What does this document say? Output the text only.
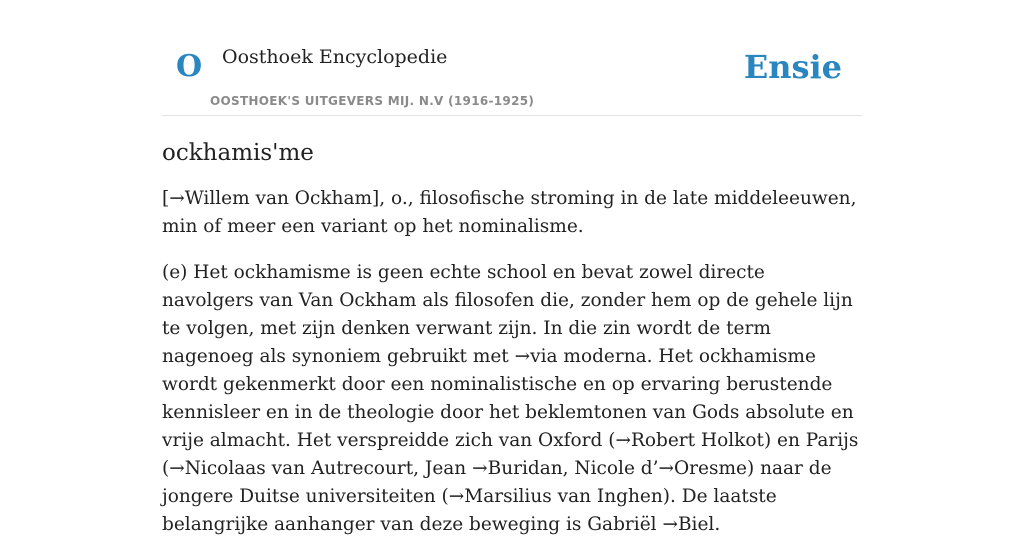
O Oosthoek Encyclopedie
OOSTHOEK'S UITGEVERS MIJ. N.V (1916-1925)
Ensie
ockhamis'me

[→Willem van Ockham], o., filosofische stroming in de late middeleeuwen, min of meer een variant op het nominalisme.

(e) Het ockhamisme is geen echte school en bevat zowel directe navolgers van Van Ockham als filosofen die, zonder hem op de gehele lijn te volgen, met zijn denken verwant zijn. In die zin wordt de term nagenoeg als synoniem gebruikt met →via moderna. Het ockhamisme wordt gekenmerkt door een nominalistische en op ervaring berustende kennisleer en in de theologie door het beklemtonen van Gods absolute en vrije almacht. Het verspreidde zich van Oxford (→Robert Holkot) en Parijs (→Nicolaas van Autrecourt, Jean →Buridan, Nicole d’→Oresme) naar de jongere Duitse universiteiten (→Marsilius van Inghen). De laatste belangrijke aanhanger van deze beweging is Gabriël →Biel.
